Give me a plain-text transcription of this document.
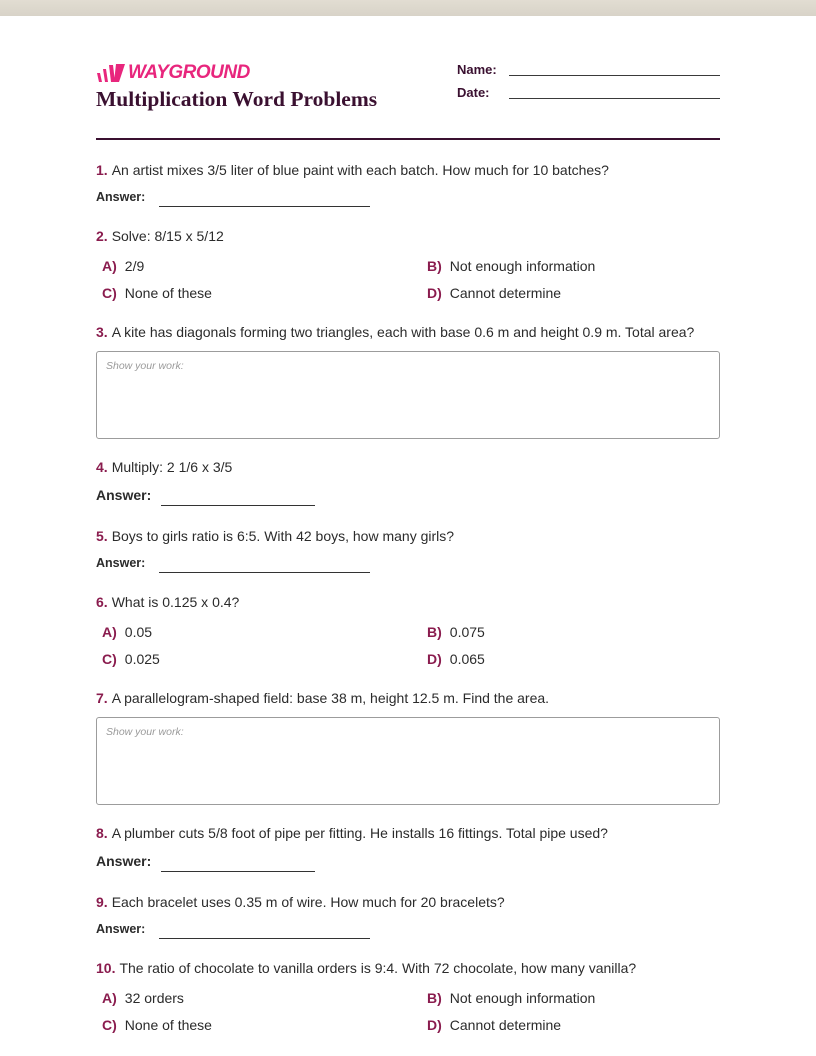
WAYGROUND
Multiplication Word Problems
Name:
Date:
1. An artist mixes 3/5 liter of blue paint with each batch. How much for 10 batches?
Answer:
2. Solve: 8/15 x 5/12
A) 2/9	B) Not enough information
C) None of these	D) Cannot determine
3. A kite has diagonals forming two triangles, each with base 0.6 m and height 0.9 m. Total area?
Show your work:
4. Multiply: 2 1/6 x 3/5
Answer:
5. Boys to girls ratio is 6:5. With 42 boys, how many girls?
Answer:
6. What is 0.125 x 0.4?
A) 0.05	B) 0.075
C) 0.025	D) 0.065
7. A parallelogram-shaped field: base 38 m, height 12.5 m. Find the area.
Show your work:
8. A plumber cuts 5/8 foot of pipe per fitting. He installs 16 fittings. Total pipe used?
Answer:
9. Each bracelet uses 0.35 m of wire. How much for 20 bracelets?
Answer:
10. The ratio of chocolate to vanilla orders is 9:4. With 72 chocolate, how many vanilla?
A) 32 orders	B) Not enough information
C) None of these	D) Cannot determine
